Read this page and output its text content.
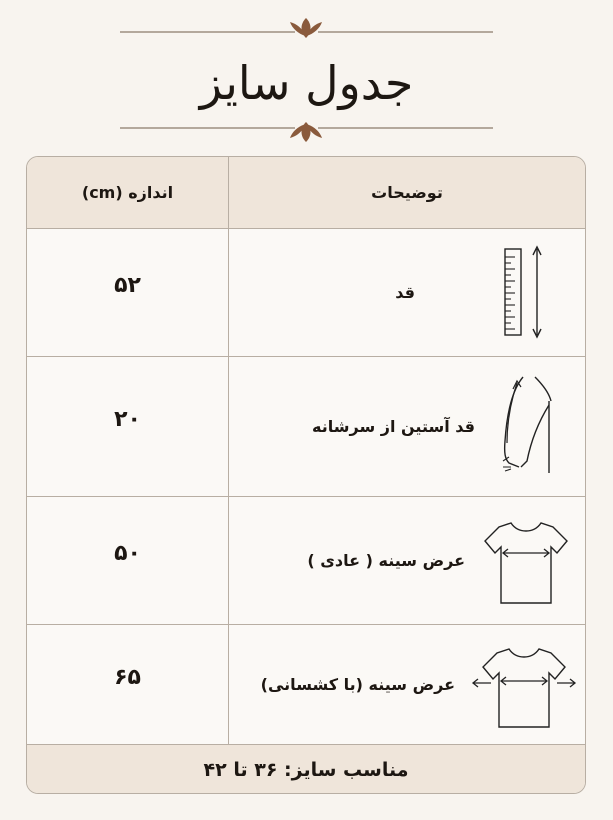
جدول سایز
اندازه (cm)	توضیحات
۵۲	قد
۲۰	قد آستین از سرشانه
۵۰	عرض سینه ( عادی )
۶۵	عرض سینه (با کشسانی)
مناسب سایز: ۳۶ تا ۴۲
